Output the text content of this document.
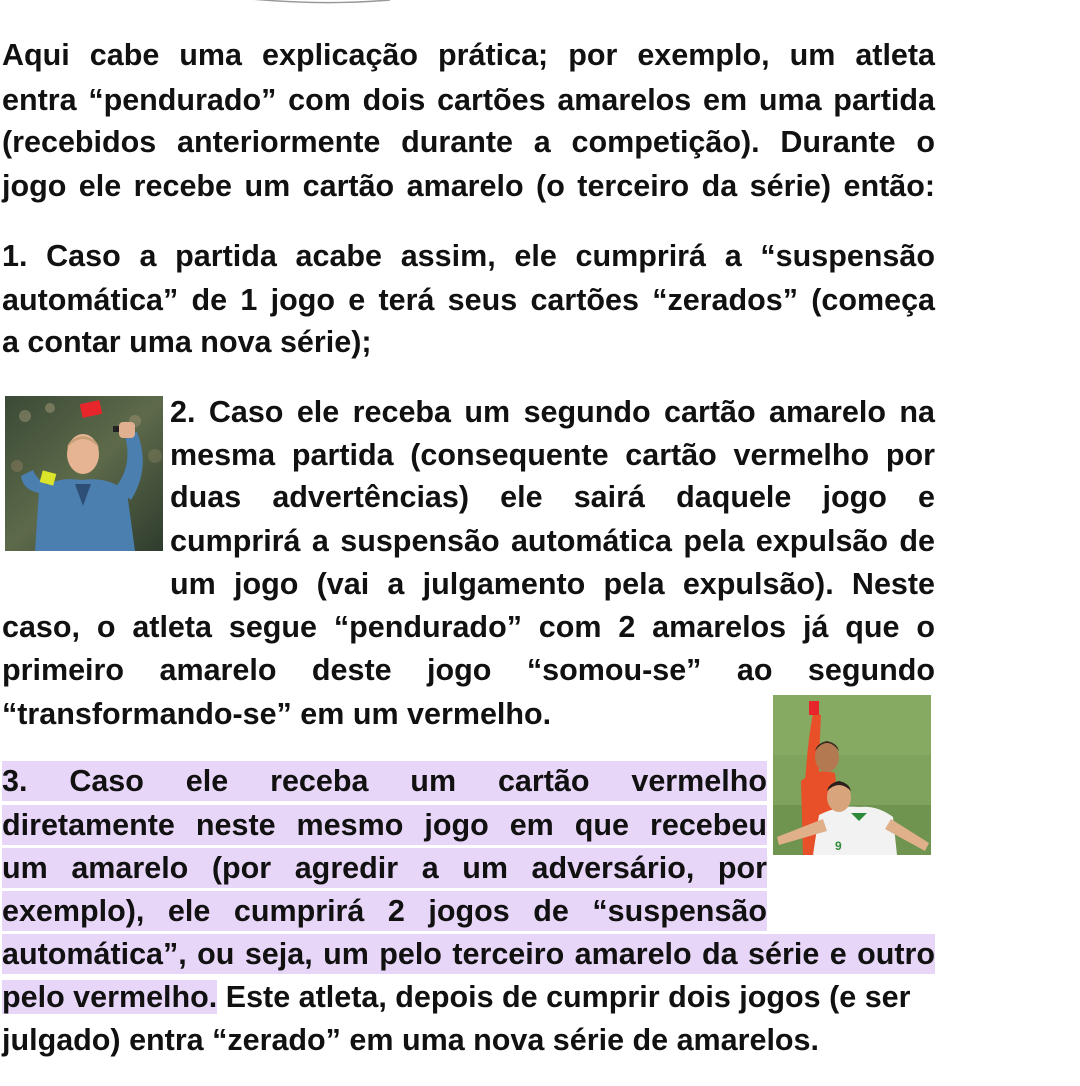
Aqui cabe uma explicação prática; por exemplo, um atleta
entra “pendurado” com dois cartões amarelos em uma partida
(recebidos anteriormente durante a competição). Durante o
jogo ele recebe um cartão amarelo (o terceiro da série) então:
1. Caso a partida acabe assim, ele cumprirá a “suspensão
automática” de 1 jogo e terá seus cartões “zerados” (começa
a contar uma nova série);
2. Caso ele receba um segundo cartão amarelo na
mesma partida (consequente cartão vermelho por
duas advertências) ele sairá daquele jogo e
cumprirá a suspensão automática pela expulsão de
um jogo (vai a julgamento pela expulsão). Neste
caso, o atleta segue “pendurado” com 2 amarelos já que o
primeiro amarelo deste jogo “somou-se” ao segundo
“transformando-se” em um vermelho.
9
3. Caso ele receba um cartão vermelho
diretamente neste mesmo jogo em que recebeu
um amarelo (por agredir a um adversário, por
exemplo), ele cumprirá 2 jogos de “suspensão
automática”, ou seja, um pelo terceiro amarelo da série e outro
pelo vermelho. Este atleta, depois de cumprir dois jogos (e ser
julgado) entra “zerado” em uma nova série de amarelos.
